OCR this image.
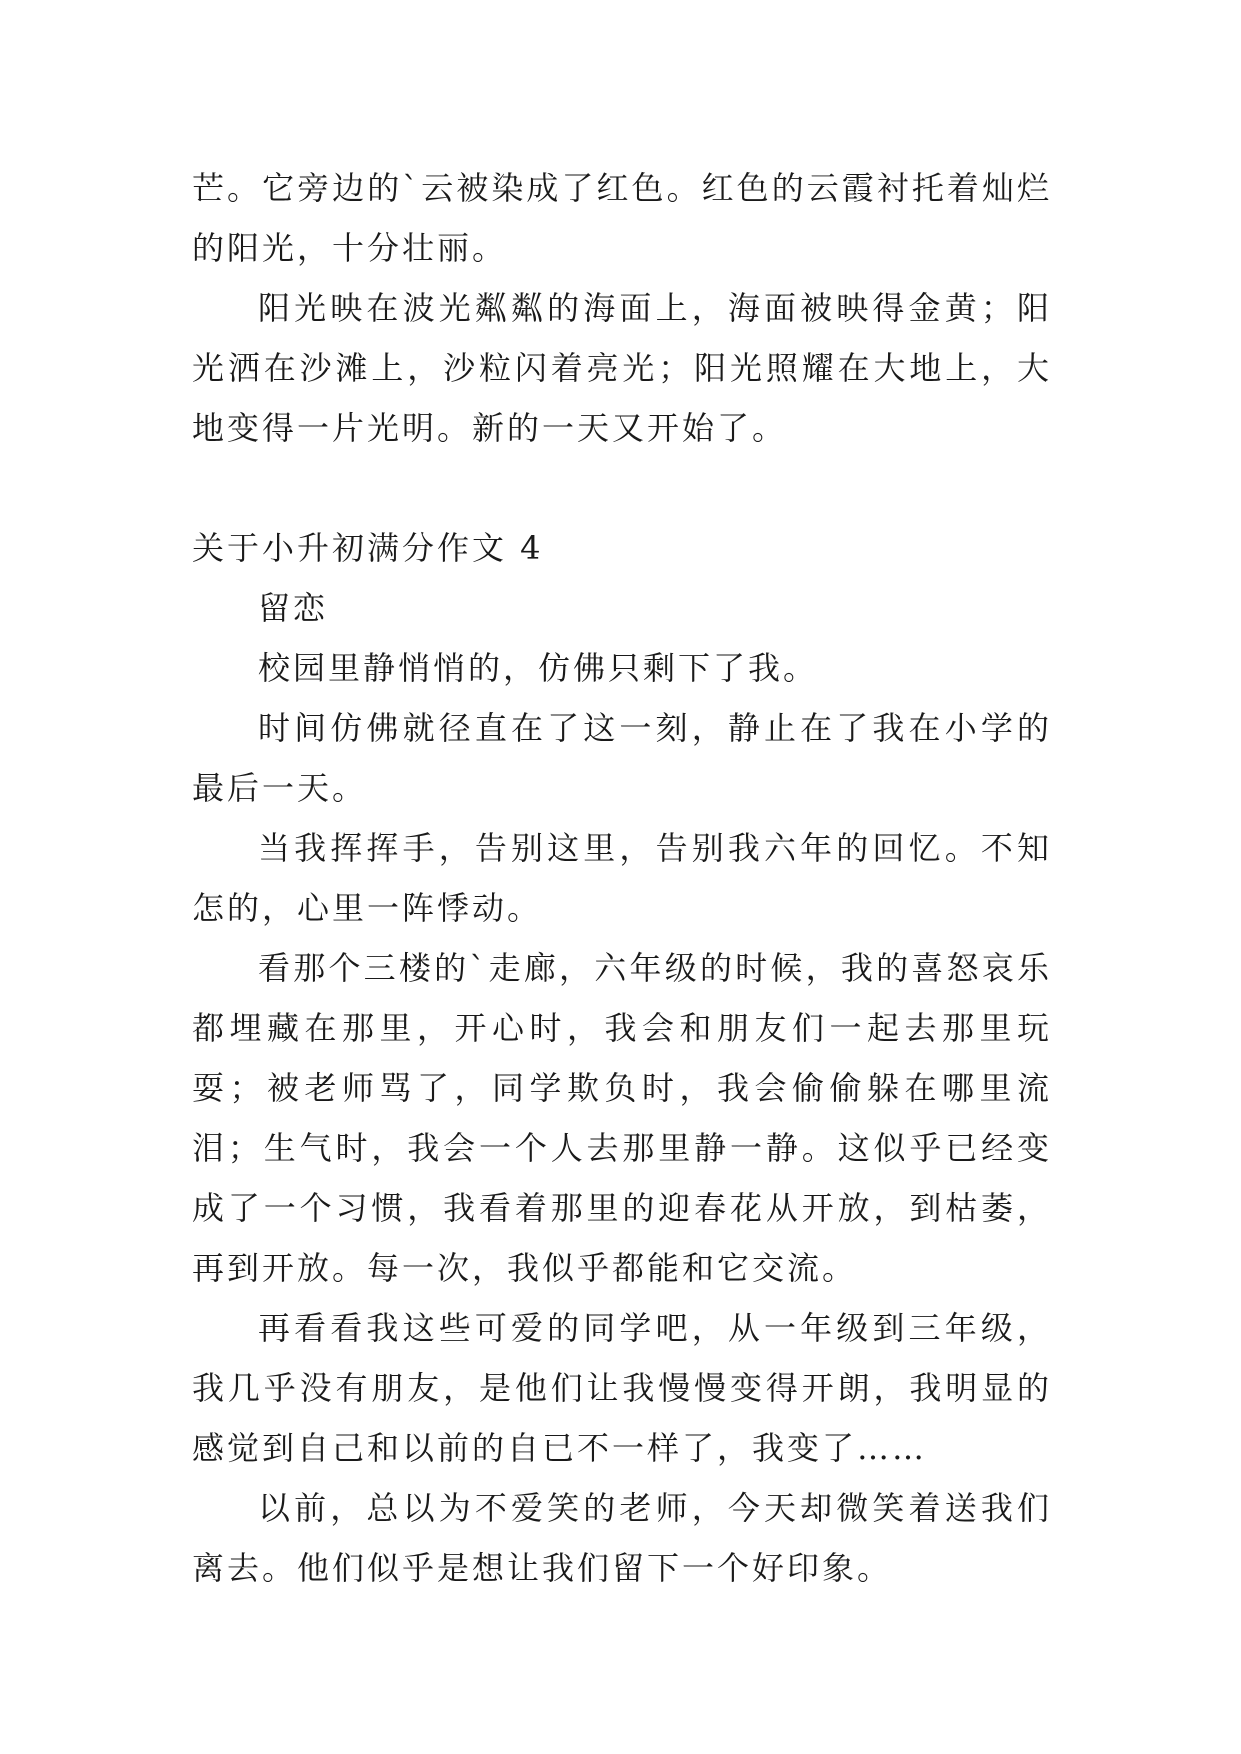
芒。它旁边的`云被染成了红色。红色的云霞衬托着灿烂的阳光，十分壮丽。

阳光映在波光粼粼的海面上，海面被映得金黄；阳光洒在沙滩上，沙粒闪着亮光；阳光照耀在大地上，大地变得一片光明。新的一天又开始了。

关于小升初满分作文 4

留恋

校园里静悄悄的，仿佛只剩下了我。

时间仿佛就径直在了这一刻，静止在了我在小学的最后一天。

当我挥挥手，告别这里，告别我六年的回忆。不知怎的，心里一阵悸动。

看那个三楼的`走廊，六年级的时候，我的喜怒哀乐都埋藏在那里，开心时，我会和朋友们一起去那里玩耍；被老师骂了，同学欺负时，我会偷偷躲在哪里流泪；生气时，我会一个人去那里静一静。这似乎已经变成了一个习惯，我看着那里的迎春花从开放，到枯萎，再到开放。每一次，我似乎都能和它交流。

再看看我这些可爱的同学吧，从一年级到三年级，我几乎没有朋友，是他们让我慢慢变得开朗，我明显的感觉到自己和以前的自已不一样了，我变了……

以前，总以为不爱笑的老师，今天却微笑着送我们离去。他们似乎是想让我们留下一个好印象。
